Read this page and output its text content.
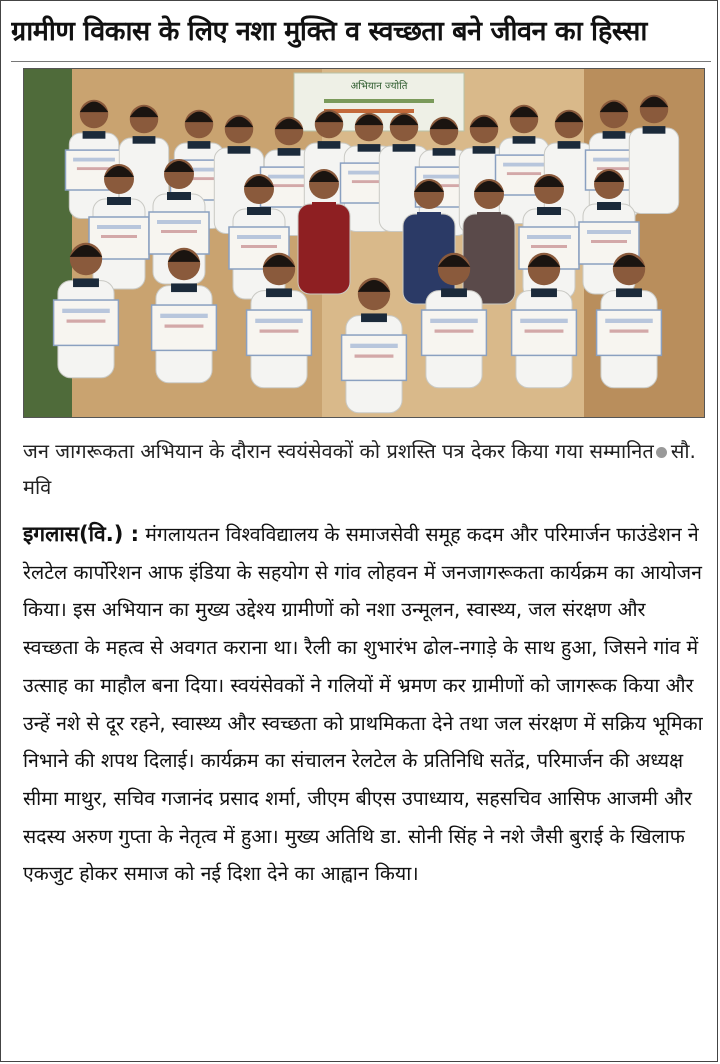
ग्रामीण विकास के लिए नशा मुक्ति व स्वच्छता बने जीवन का हिस्सा
अभियान ज्योति
जन जागरूकता अभियान के दौरान स्वयंसेवकों को प्रशस्ति पत्र देकर किया गया सम्मानित सौ. मवि
इगलास(वि.) : मंगलायतन विश्वविद्यालय के समाजसेवी समूह कदम और परिमार्जन फाउंडेशन ने रेलटेल कार्पोरेशन आफ इंडिया के सहयोग से गांव लोहवन में जनजागरूकता कार्यक्रम का आयोजन किया। इस अभियान का मुख्य उद्देश्य ग्रामीणों को नशा उन्मूलन, स्वास्थ्य, जल संरक्षण और स्वच्छता के महत्व से अवगत कराना था। रैली का शुभारंभ ढोल-नगाड़े के साथ हुआ, जिसने गांव में उत्साह का माहौल बना दिया। स्वयंसेवकों ने गलियों में भ्रमण कर ग्रामीणों को जागरूक किया और उन्हें नशे से दूर रहने, स्वास्थ्य और स्वच्छता को प्राथमिकता देने तथा जल संरक्षण में सक्रिय भूमिका निभाने की शपथ दिलाई। कार्यक्रम का संचालन रेलटेल के प्रतिनिधि सतेंद्र, परिमार्जन की अध्यक्ष सीमा माथुर, सचिव गजानंद प्रसाद शर्मा, जीएम बीएस उपाध्याय, सहसचिव आसिफ आजमी और सदस्य अरुण गुप्ता के नेतृत्व में हुआ। मुख्य अतिथि डा. सोनी सिंह ने नशे जैसी बुराई के खिलाफ एकजुट होकर समाज को नई दिशा देने का आह्वान किया।
